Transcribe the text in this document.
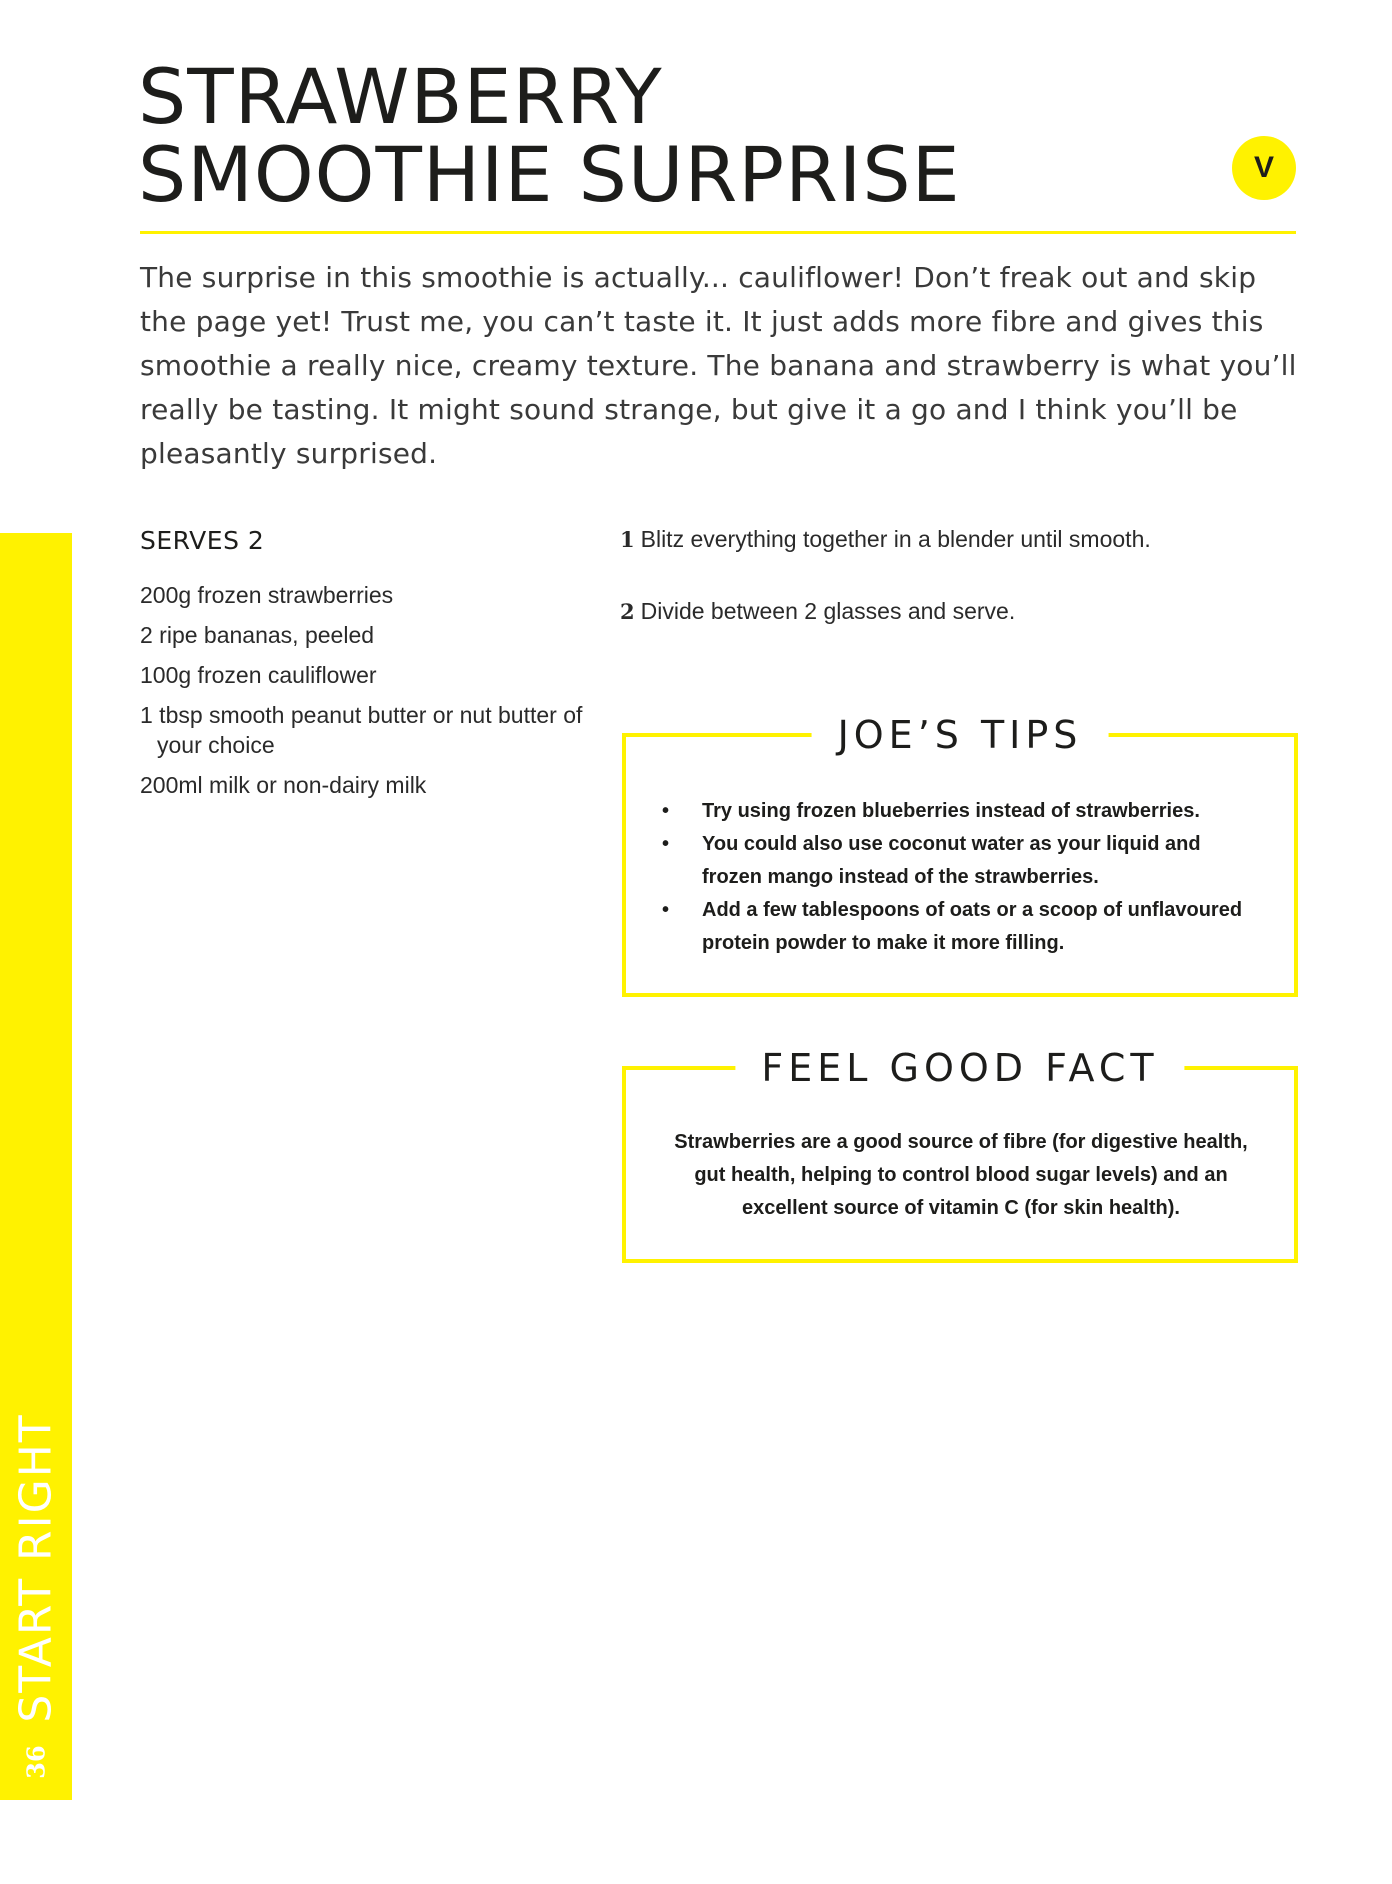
START RIGHT
36
STRAWBERRY
SMOOTHIE SURPRISE	V

The surprise in this smoothie is actually... cauliflower! Don’t freak out and skip the page yet! Trust me, you can’t taste it. It just adds more fibre and gives this smoothie a really nice, creamy texture. The banana and strawberry is what you’ll really be tasting. It might sound strange, but give it a go and I think you’ll be pleasantly surprised.

SERVES 2
200g frozen strawberries
2 ripe bananas, peeled
100g frozen cauliflower
1 tbsp smooth peanut butter or nut butter of your choice
200ml milk or non-dairy milk
1 Blitz everything together in a blender until smooth.
2 Divide between 2 glasses and serve.
JOE’S TIPS
• Try using frozen blueberries instead of strawberries.
• You could also use coconut water as your liquid and frozen mango instead of the strawberries.
• Add a few tablespoons of oats or a scoop of unflavoured protein powder to make it more filling.
FEEL GOOD FACT

Strawberries are a good source of fibre (for digestive health, gut health, helping to control blood sugar levels) and an excellent source of vitamin C (for skin health).
